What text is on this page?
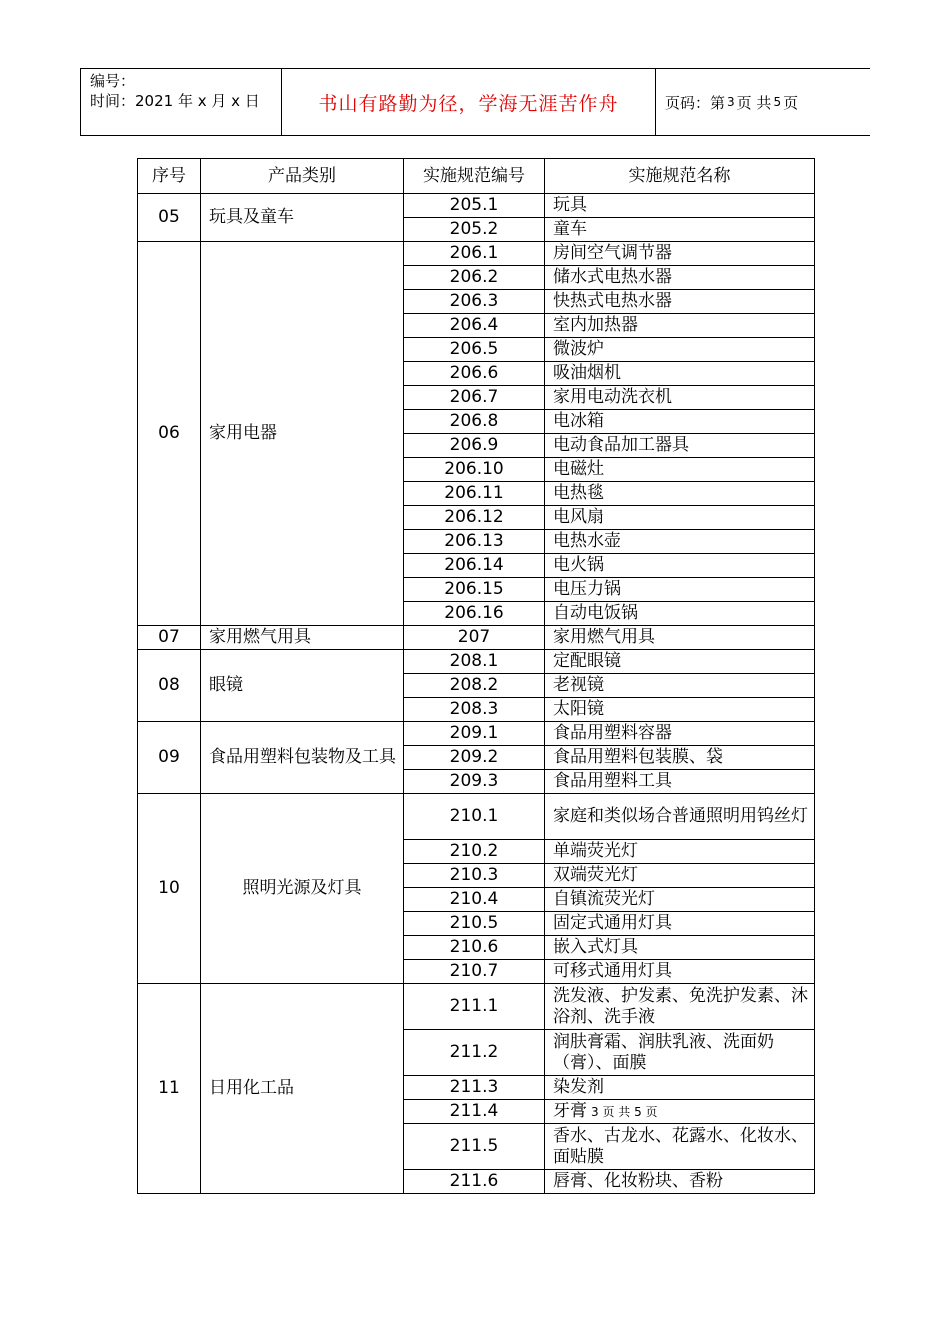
编号：
时间：2021 年 x 月 x 日	书山有路勤为径，学海无涯苦作舟	页码：第 3 页 共 5 页
序号	产品类别	实施规范编号	实施规范名称
05	玩具及童车	205.1	玩具
		205.2	童车
06	家用电器	206.1	房间空气调节器
		206.2	储水式电热水器
		206.3	快热式电热水器
		206.4	室内加热器
		206.5	微波炉
		206.6	吸油烟机
		206.7	家用电动洗衣机
		206.8	电冰箱
		206.9	电动食品加工器具
		206.10	电磁灶
		206.11	电热毯
		206.12	电风扇
		206.13	电热水壶
		206.14	电火锅
		206.15	电压力锅
		206.16	自动电饭锅
07	家用燃气用具	207	家用燃气用具
08	眼镜	208.1	定配眼镜
		208.2	老视镜
		208.3	太阳镜
09	食品用塑料包装物及工具	209.1	食品用塑料容器
		209.2	食品用塑料包装膜、袋
		209.3	食品用塑料工具
10	照明光源及灯具	210.1	家庭和类似场合普通照明用钨丝灯
		210.2	单端荧光灯
		210.3	双端荧光灯
		210.4	自镇流荧光灯
		210.5	固定式通用灯具
		210.6	嵌入式灯具
		210.7	可移式通用灯具
11	日用化工品	211.1	洗发液、护发素、免洗护发素、沐浴剂、洗手液
		211.2	润肤膏霜、润肤乳液、洗面奶（膏）、面膜
		211.3	染发剂
		211.4	牙膏 3 页 共 5 页
		211.5	香水、古龙水、花露水、化妆水、面贴膜
		211.6	唇膏、化妆粉块、香粉
